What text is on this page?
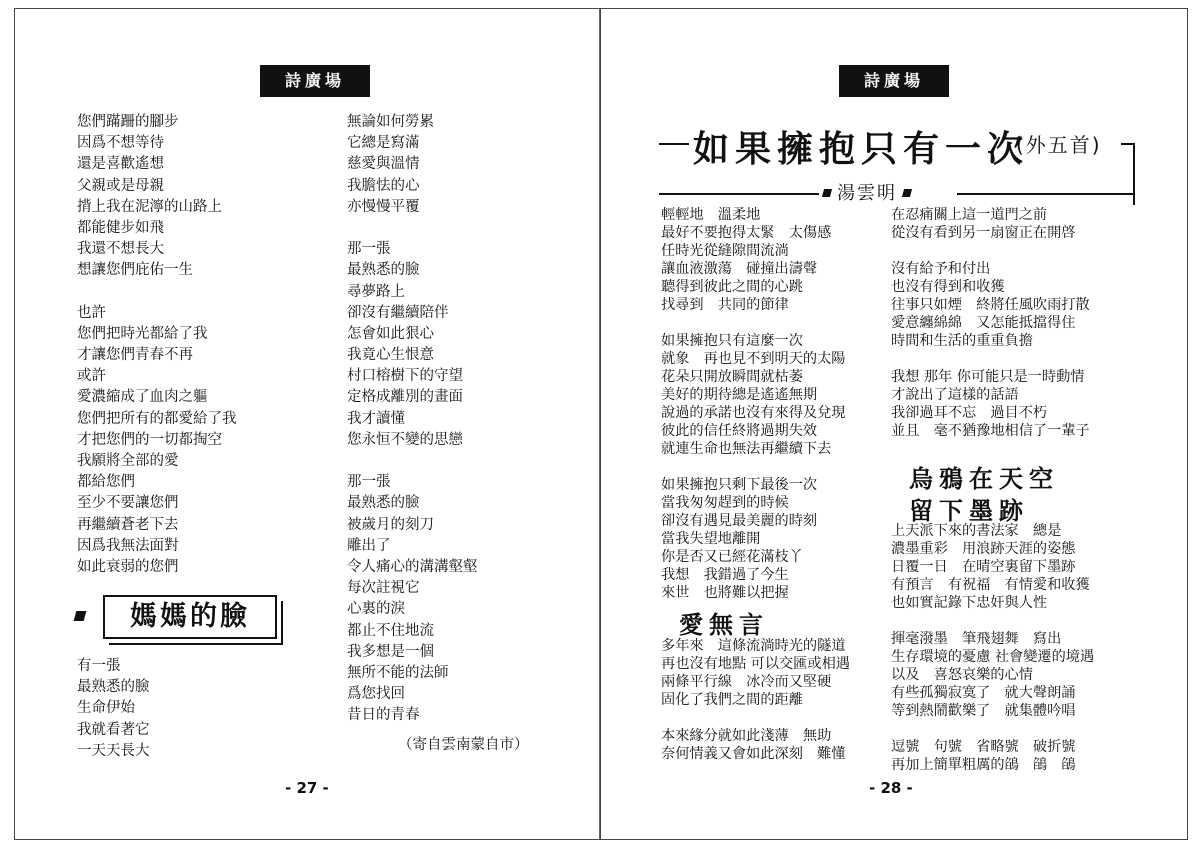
詩廣場
您們蹣跚的腳步
因爲不想等待
還是喜歡遙想
父親或是母親
揹上我在泥濘的山路上
都能健步如飛
我還不想長大
想讓您們庇佑一生
也許
您們把時光都給了我
才讓您們青春不再
或許
愛濃縮成了血肉之軀
您們把所有的都愛給了我
才把您們的一切都掏空
我願將全部的愛
都給您們
至少不要讓您們
再繼續蒼老下去
因爲我無法面對
如此衰弱的您們
媽媽的臉
有一張
最熟悉的臉
生命伊始
我就看著它
一天天長大
無論如何勞累
它總是寫滿
慈愛與溫情
我膽怯的心
亦慢慢平覆
那一張
最熟悉的臉
尋夢路上
卻沒有繼續陪伴
怎會如此狠心
我竟心生恨意
村口榕樹下的守望
定格成離別的畫面
我才讀懂
您永恒不變的思戀
那一張
最熟悉的臉
被歲月的刻刀
雕出了
令人痛心的溝溝壑壑
每次註視它
心裏的淚
都止不住地流
我多想是一個
無所不能的法師
爲您找回
昔日的青春
（寄自雲南蒙自市）
- 27 -
詩廣場
如果擁抱只有一次
(外五首)
湯雲明
輕輕地　溫柔地
最好不要抱得太緊　太傷感
任時光從縫隙間流淌
讓血液激蕩　碰撞出濤聲
聽得到彼此之間的心跳
找尋到　共同的節律
如果擁抱只有這麼一次
就象　再也見不到明天的太陽
花朵只開放瞬間就枯萎
美好的期待總是遙遙無期
說過的承諾也沒有來得及兌現
彼此的信任終將過期失效
就連生命也無法再繼續下去
如果擁抱只剩下最後一次
當我匆匆趕到的時候
卻沒有遇見最美麗的時刻
當我失望地離開
你是否又已經花滿枝丫
我想　我錯過了今生
來世　也將難以把握
愛無言
多年來　這條流淌時光的隧道
再也沒有地點 可以交匯或相遇
兩條平行線　冰冷而又堅硬
固化了我們之間的距離
本來緣分就如此淺薄　無助
奈何情義又會如此深刻　難懂
在忍痛關上這一道門之前
從沒有看到另一扇窗正在開啓
沒有給予和付出
也沒有得到和收獲
往事只如煙　終將任風吹雨打散
愛意纏綿綿　又怎能抵擋得住
時間和生活的重重負擔
我想 那年 你可能只是一時動情
才說出了這樣的話語
我卻過耳不忘　過目不朽
並且　毫不猶豫地相信了一輩子
烏鴉在天空
留下墨跡
上天派下來的書法家　總是
濃墨重彩　用浪跡天涯的姿態
日覆一日　在晴空裏留下墨跡
有預言　有祝福　有情愛和收獲
也如實記錄下忠奸與人性
揮毫潑墨　筆飛翅舞　寫出
生存環境的憂慮 社會變遷的境遇
以及　喜怒哀樂的心情
有些孤獨寂寞了　就大聲朗誦
等到熱鬧歡樂了　就集體吟唱
逗號　句號　省略號　破折號
再加上簡單粗厲的鵮　鵮　鵮
- 28 -
